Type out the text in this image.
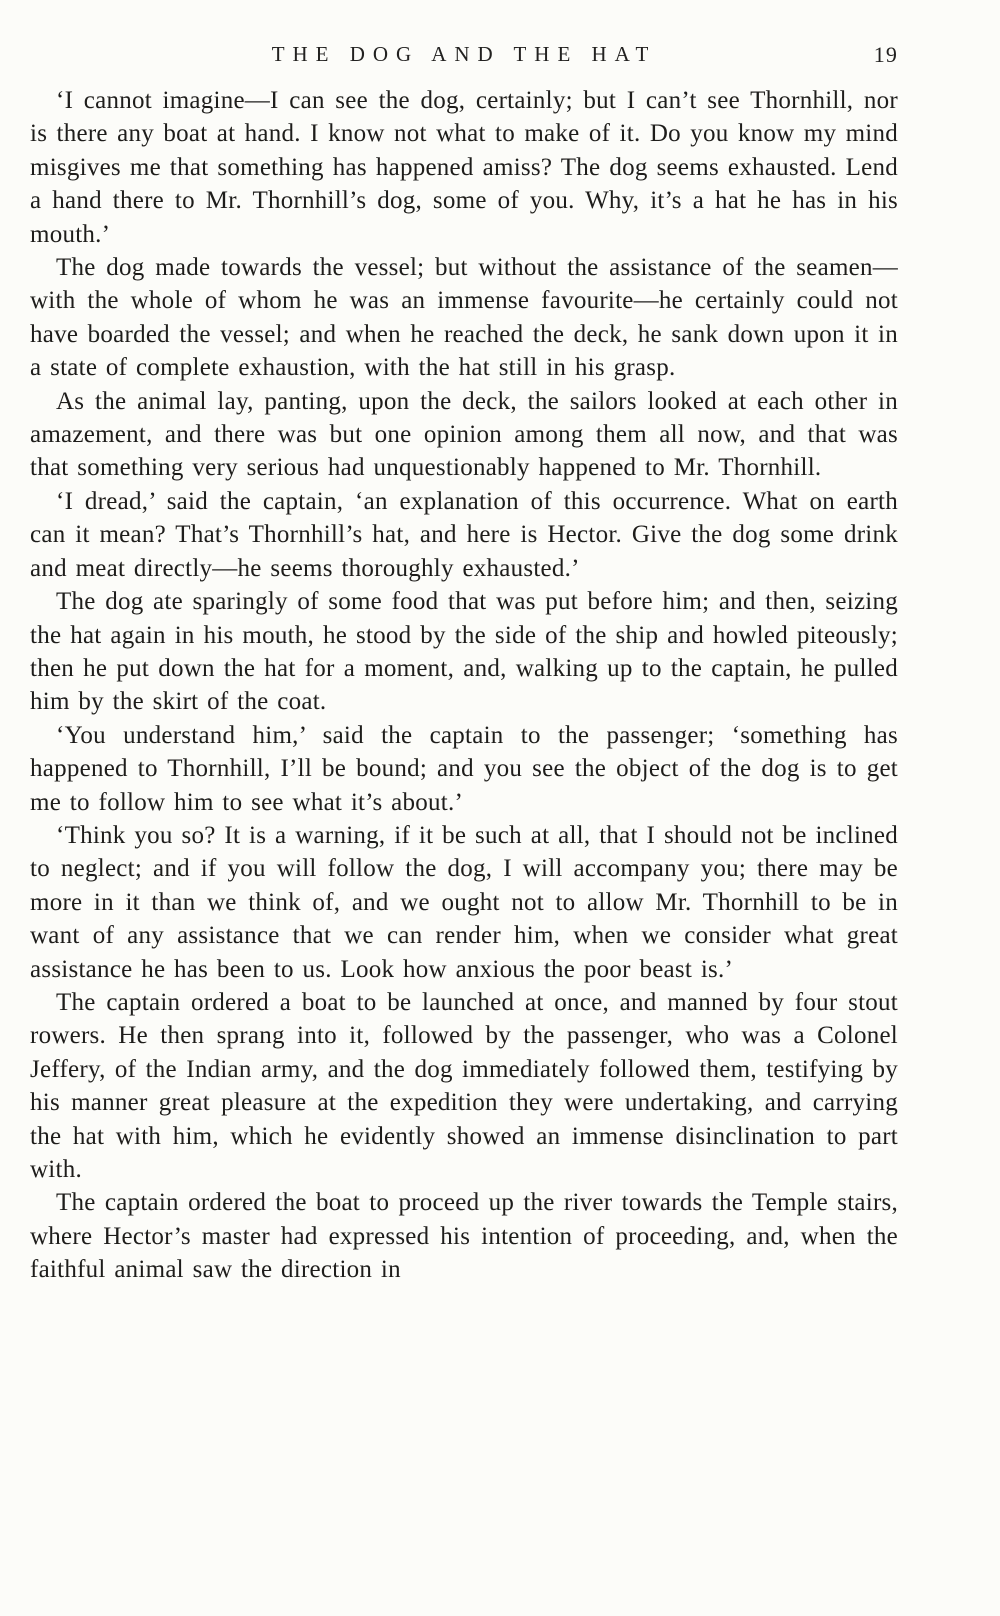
THE DOG AND THE HAT	19

‘I cannot imagine—I can see the dog, certainly; but I can’t see Thornhill, nor is there any boat at hand. I know not what to make of it. Do you know my mind misgives me that something has happened amiss? The dog seems exhausted. Lend a hand there to Mr. Thornhill’s dog, some of you. Why, it’s a hat he has in his mouth.’

The dog made towards the vessel; but without the assistance of the seamen—with the whole of whom he was an immense favourite—he certainly could not have boarded the vessel; and when he reached the deck, he sank down upon it in a state of complete exhaustion, with the hat still in his grasp.

As the animal lay, panting, upon the deck, the sailors looked at each other in amazement, and there was but one opinion among them all now, and that was that something very serious had unquestionably happened to Mr. Thornhill.

‘I dread,’ said the captain, ‘an explanation of this occurrence. What on earth can it mean? That’s Thornhill’s hat, and here is Hector. Give the dog some drink and meat directly—he seems thoroughly exhausted.’

The dog ate sparingly of some food that was put before him; and then, seizing the hat again in his mouth, he stood by the side of the ship and howled piteously; then he put down the hat for a moment, and, walking up to the captain, he pulled him by the skirt of the coat.

‘You understand him,’ said the captain to the passenger; ‘something has happened to Thornhill, I’ll be bound; and you see the object of the dog is to get me to follow him to see what it’s about.’

‘Think you so? It is a warning, if it be such at all, that I should not be inclined to neglect; and if you will follow the dog, I will accompany you; there may be more in it than we think of, and we ought not to allow Mr. Thornhill to be in want of any assistance that we can render him, when we consider what great assistance he has been to us. Look how anxious the poor beast is.’

The captain ordered a boat to be launched at once, and manned by four stout rowers. He then sprang into it, followed by the passenger, who was a Colonel Jeffery, of the Indian army, and the dog immediately followed them, testifying by his manner great pleasure at the expedition they were undertaking, and carrying the hat with him, which he evidently showed an immense disinclination to part with.

The captain ordered the boat to proceed up the river towards the Temple stairs, where Hector’s master had expressed his intention of proceeding, and, when the faithful animal saw the direction in
